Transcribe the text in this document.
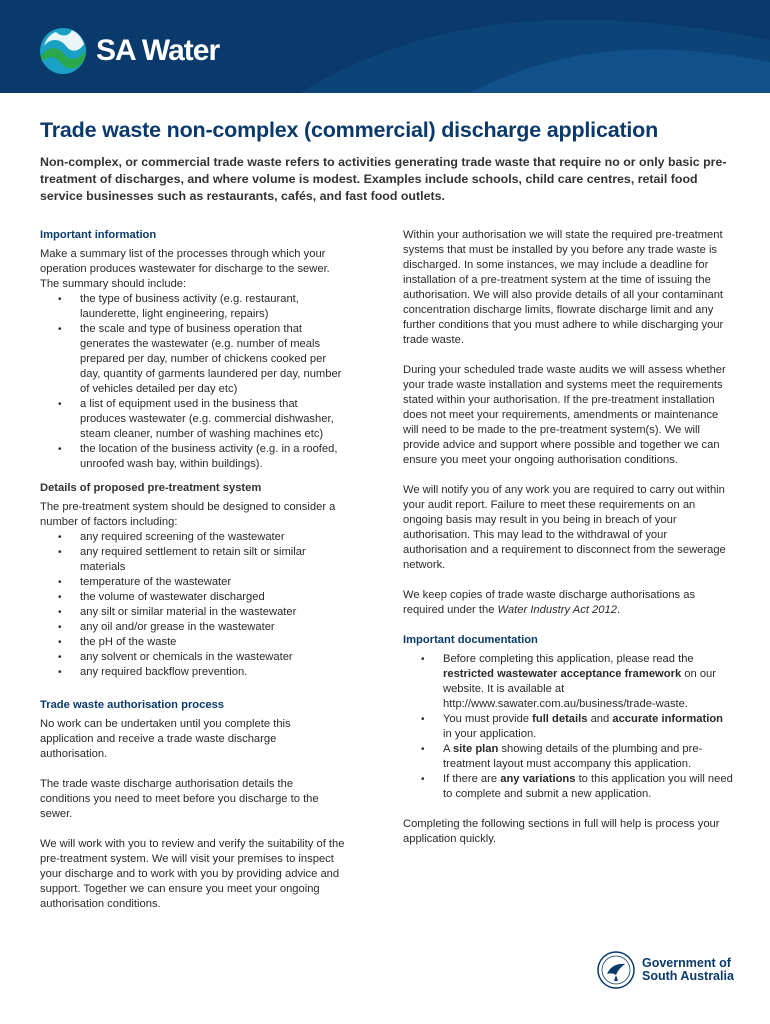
SA Water
Trade waste non-complex (commercial) discharge application

Non-complex, or commercial trade waste refers to activities generating trade waste that require no or only basic pre-treatment of discharges, and where volume is modest. Examples include schools, child care centres, retail food service businesses such as restaurants, cafés, and fast food outlets.

Important information

Make a summary list of the processes through which your operation produces wastewater for discharge to the sewer. The summary should include:

• the type of business activity (e.g. restaurant, launderette, light engineering, repairs)
• the scale and type of business operation that generates the wastewater (e.g. number of meals prepared per day, number of chickens cooked per day, quantity of garments laundered per day, number of vehicles detailed per day etc)
• a list of equipment used in the business that produces wastewater (e.g. commercial dishwasher, steam cleaner, number of washing machines etc)
• the location of the business activity (e.g. in a roofed, unroofed wash bay, within buildings).
Details of proposed pre-treatment system

The pre-treatment system should be designed to consider a number of factors including:

• any required screening of the wastewater
• any required settlement to retain silt or similar materials
• temperature of the wastewater
• the volume of wastewater discharged
• any silt or similar material in the wastewater
• any oil and/or grease in the wastewater
• the pH of the waste
• any solvent or chemicals in the wastewater
• any required backflow prevention.
Trade waste authorisation process

No work can be undertaken until you complete this application and receive a trade waste discharge authorisation.

The trade waste discharge authorisation details the conditions you need to meet before you discharge to the sewer.

We will work with you to review and verify the suitability of the pre-treatment system. We will visit your premises to inspect your discharge and to work with you by providing advice and support. Together we can ensure you meet your ongoing authorisation conditions.

Within your authorisation we will state the required pre-treatment systems that must be installed by you before any trade waste is discharged. In some instances, we may include a deadline for installation of a pre-treatment system at the time of issuing the authorisation. We will also provide details of all your contaminant concentration discharge limits, flowrate discharge limit and any further conditions that you must adhere to while discharging your trade waste.

During your scheduled trade waste audits we will assess whether your trade waste installation and systems meet the requirements stated within your authorisation. If the pre-treatment installation does not meet your requirements, amendments or maintenance will need to be made to the pre-treatment system(s). We will provide advice and support where possible and together we can ensure you meet your ongoing authorisation conditions.

We will notify you of any work you are required to carry out within your audit report. Failure to meet these requirements on an ongoing basis may result in you being in breach of your authorisation. This may lead to the withdrawal of your authorisation and a requirement to disconnect from the sewerage network.

We keep copies of trade waste discharge authorisations as required under the Water Industry Act 2012.

Important documentation
• Before completing this application, please read the restricted wastewater acceptance framework on our website. It is available at http://www.sawater.com.au/business/trade-waste.
• You must provide full details and accurate information in your application.
• A site plan showing details of the plumbing and pre-treatment layout must accompany this application.
• If there are any variations to this application you will need to complete and submit a new application.

Completing the following sections in full will help is process your application quickly.

Government of
South Australia
